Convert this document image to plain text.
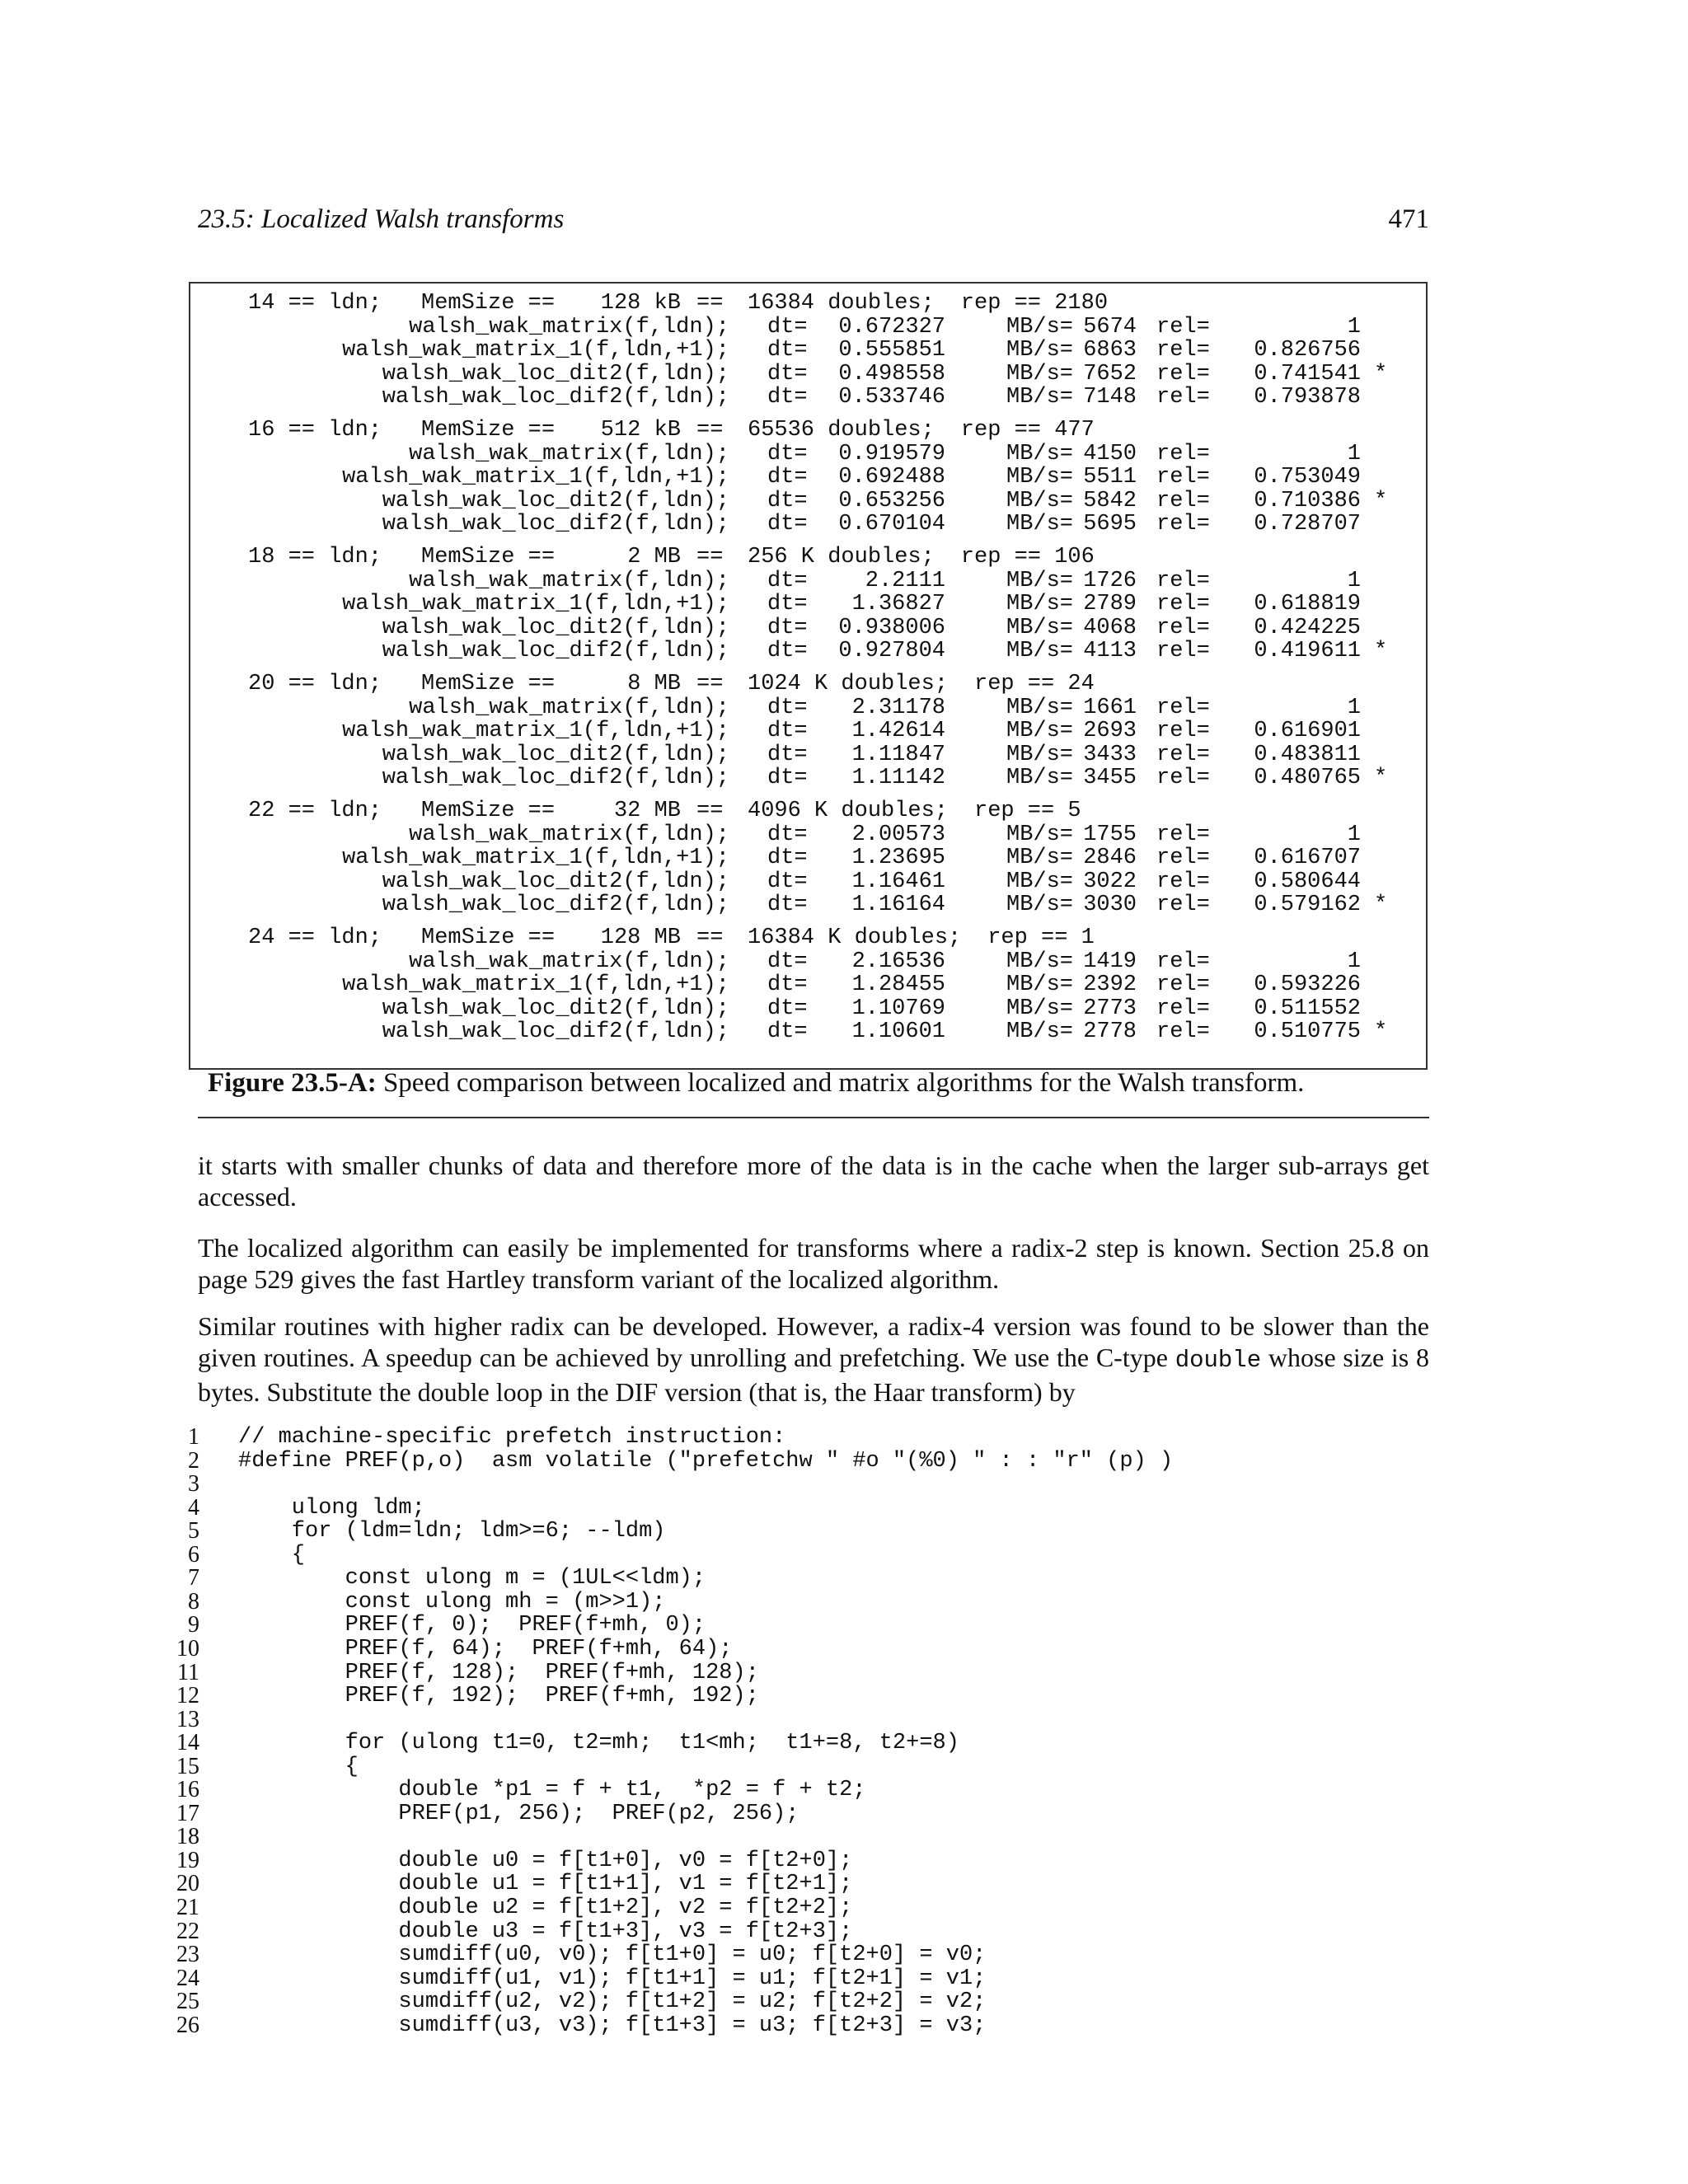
23.5: Localized Walsh transforms	471
14 == ldn; MemSize ==	128 kB == 16384 doubles; rep == 2180
walsh_wak_matrix(f,ldn); dt=	0.672327	MB/s= 5674 rel=	1
walsh_wak_matrix_1(f,ldn,+1); dt=	0.555851	MB/s= 6863 rel=	0.826756
walsh_wak_loc_dit2(f,ldn); dt=	0.498558	MB/s= 7652 rel=	0.741541 *
walsh_wak_loc_dif2(f,ldn); dt=	0.533746	MB/s= 7148 rel=	0.793878
16 == ldn; MemSize ==	512 kB == 65536 doubles; rep == 477
walsh_wak_matrix(f,ldn); dt=	0.919579	MB/s= 4150 rel=	1
walsh_wak_matrix_1(f,ldn,+1); dt=	0.692488	MB/s= 5511 rel=	0.753049
walsh_wak_loc_dit2(f,ldn); dt=	0.653256	MB/s= 5842 rel=	0.710386 *
walsh_wak_loc_dif2(f,ldn); dt=	0.670104	MB/s= 5695 rel=	0.728707
18 == ldn; MemSize ==	2 MB == 256 K doubles; rep == 106
walsh_wak_matrix(f,ldn); dt=	2.2111	MB/s= 1726 rel=	1
walsh_wak_matrix_1(f,ldn,+1); dt=	1.36827	MB/s= 2789 rel=	0.618819
walsh_wak_loc_dit2(f,ldn); dt=	0.938006	MB/s= 4068 rel=	0.424225
walsh_wak_loc_dif2(f,ldn); dt=	0.927804	MB/s= 4113 rel=	0.419611 *
20 == ldn; MemSize ==	8 MB == 1024 K doubles; rep == 24
walsh_wak_matrix(f,ldn); dt=	2.31178	MB/s= 1661 rel=	1
walsh_wak_matrix_1(f,ldn,+1); dt=	1.42614	MB/s= 2693 rel=	0.616901
walsh_wak_loc_dit2(f,ldn); dt=	1.11847	MB/s= 3433 rel=	0.483811
walsh_wak_loc_dif2(f,ldn); dt=	1.11142	MB/s= 3455 rel=	0.480765 *
22 == ldn; MemSize ==	32 MB == 4096 K doubles; rep == 5
walsh_wak_matrix(f,ldn); dt=	2.00573	MB/s= 1755 rel=	1
walsh_wak_matrix_1(f,ldn,+1); dt=	1.23695	MB/s= 2846 rel=	0.616707
walsh_wak_loc_dit2(f,ldn); dt=	1.16461	MB/s= 3022 rel=	0.580644
walsh_wak_loc_dif2(f,ldn); dt=	1.16164	MB/s= 3030 rel=	0.579162 *
24 == ldn; MemSize ==	128 MB == 16384 K doubles; rep == 1
walsh_wak_matrix(f,ldn); dt=	2.16536	MB/s= 1419 rel=	1
walsh_wak_matrix_1(f,ldn,+1); dt=	1.28455	MB/s= 2392 rel=	0.593226
walsh_wak_loc_dit2(f,ldn); dt=	1.10769	MB/s= 2773 rel=	0.511552
walsh_wak_loc_dif2(f,ldn); dt=	1.10601	MB/s= 2778 rel=	0.510775 *
Figure 23.5-A: Speed comparison between localized and matrix algorithms for the Walsh transform.
it starts with smaller chunks of data and therefore more of the data is in the cache when the larger sub-arrays get accessed.
The localized algorithm can easily be implemented for transforms where a radix-2 step is known. Section 25.8 on page 529 gives the fast Hartley transform variant of the localized algorithm.
Similar routines with higher radix can be developed. However, a radix-4 version was found to be slower than the given routines. A speedup can be achieved by unrolling and prefetching. We use the C-type double whose size is 8 bytes. Substitute the double loop in the DIF version (that is, the Haar transform) by
1 // machine-specific prefetch instruction:
2 #define PREF(p,o)  asm volatile ("prefetchw " #o "(%0) " : : "r" (p) )
3
4 ulong ldm;
5 for (ldm=ldn; ldm>=6; --ldm)
6 {
7 const ulong m = (1UL<<ldm);
8 const ulong mh = (m>>1);
9 PREF(f, 0);  PREF(f+mh, 0);
10 PREF(f, 64);  PREF(f+mh, 64);
11 PREF(f, 128);  PREF(f+mh, 128);
12 PREF(f, 192);  PREF(f+mh, 192);
13
14 for (ulong t1=0, t2=mh;  t1<mh;  t1+=8, t2+=8)
15 {
16 double *p1 = f + t1,  *p2 = f + t2;
17 PREF(p1, 256);  PREF(p2, 256);
18
19 double u0 = f[t1+0], v0 = f[t2+0];
20 double u1 = f[t1+1], v1 = f[t2+1];
21 double u2 = f[t1+2], v2 = f[t2+2];
22 double u3 = f[t1+3], v3 = f[t2+3];
23 sumdiff(u0, v0); f[t1+0] = u0; f[t2+0] = v0;
24 sumdiff(u1, v1); f[t1+1] = u1; f[t2+1] = v1;
25 sumdiff(u2, v2); f[t1+2] = u2; f[t2+2] = v2;
26 sumdiff(u3, v3); f[t1+3] = u3; f[t2+3] = v3;
